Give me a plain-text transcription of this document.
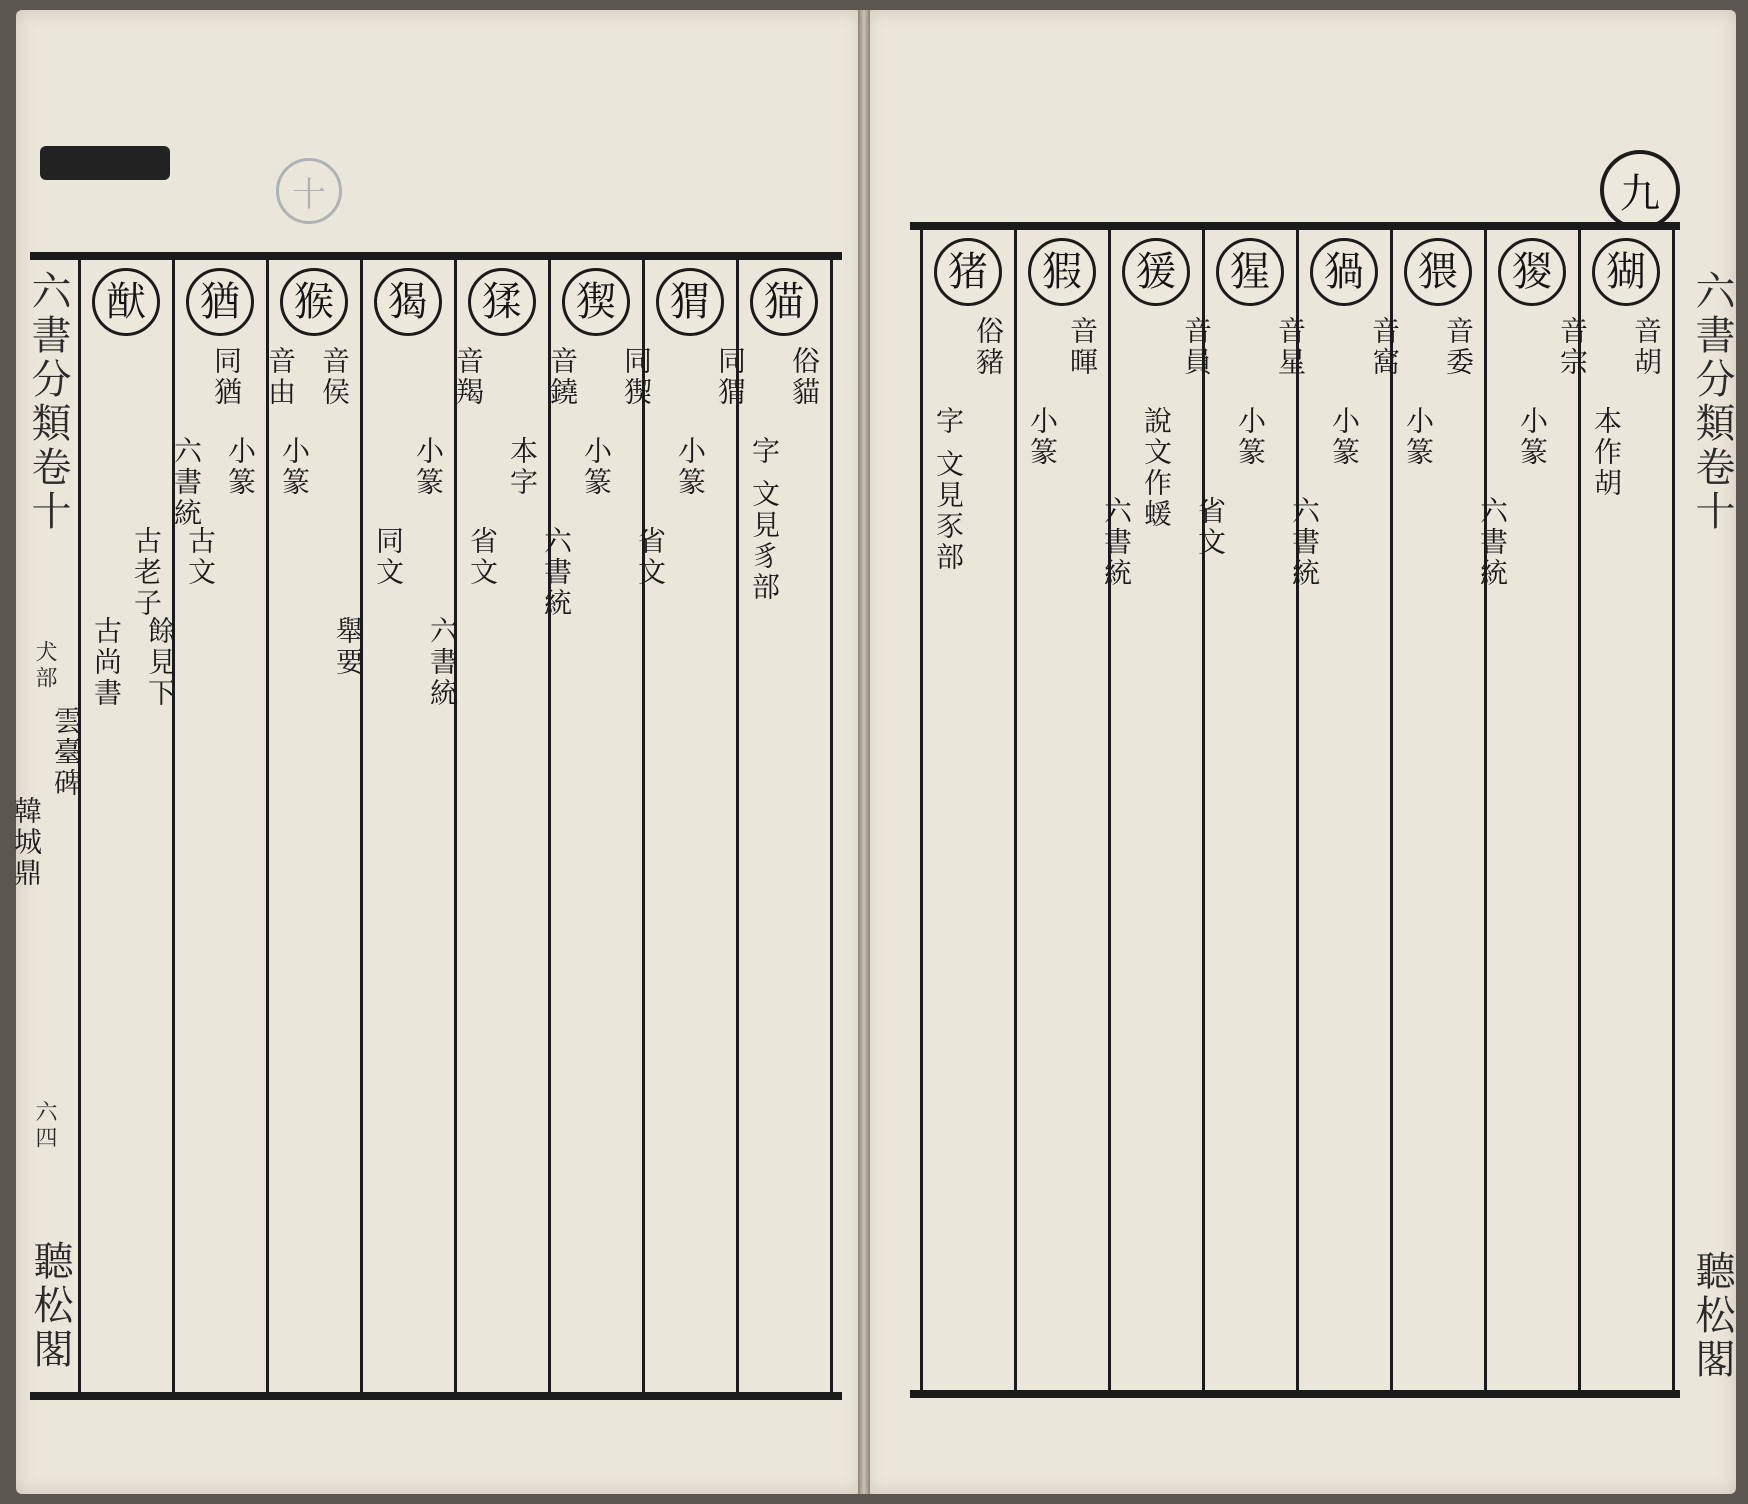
十
六書分類卷十
犬部
六四
聽松閣
猫
俗貓
字 文見豸部
猬
同猬
小篆
省文
猰
同猰
小篆
六書統
猱
音鐃
本字
省文
六書統
猲
音羯
小篆
同文
舉要
猴
音侯
小篆
猶
音由
小篆
古文
餘見下
猷
同猶
六書統
古老子
古尚書
雲臺碑
韓城鼎
九
六書分類卷十
聽松閣
猢
音胡
本作胡
猣
音宗
小篆
六書統
猥
音委
小篆
猧
音窩
小篆
六書統
猩
音星
小篆
省文
猨
音員
說文作蝯
六書統
猳
音暉
小篆
猪
俗豬
字 文見豕部
